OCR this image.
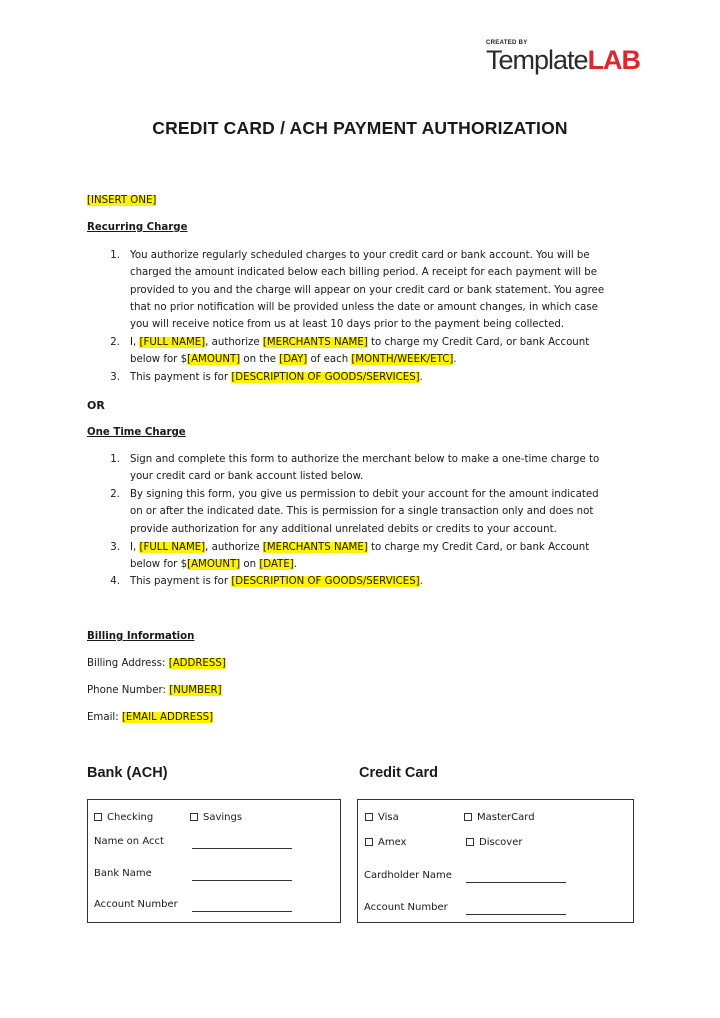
CREATED BY
TemplateLAB
CREDIT CARD / ACH PAYMENT AUTHORIZATION
[INSERT ONE]
Recurring Charge
1. You authorize regularly scheduled charges to your credit card or bank account. You will be
charged the amount indicated below each billing period. A receipt for each payment will be
provided to you and the charge will appear on your credit card or bank statement. You agree
that no prior notification will be provided unless the date or amount changes, in which case
you will receive notice from us at least 10 days prior to the payment being collected.
2. I, [FULL NAME], authorize [MERCHANTS NAME] to charge my Credit Card, or bank Account
below for $[AMOUNT] on the [DAY] of each [MONTH/WEEK/ETC].
3. This payment is for [DESCRIPTION OF GOODS/SERVICES].
OR
One Time Charge
1. Sign and complete this form to authorize the merchant below to make a one-time charge to
your credit card or bank account listed below.
2. By signing this form, you give us permission to debit your account for the amount indicated
on or after the indicated date. This is permission for a single transaction only and does not
provide authorization for any additional unrelated debits or credits to your account.
3. I, [FULL NAME], authorize [MERCHANTS NAME] to charge my Credit Card, or bank Account
below for $[AMOUNT] on [DATE].
4. This payment is for [DESCRIPTION OF GOODS/SERVICES].
Billing Information
Billing Address: [ADDRESS]
Phone Number: [NUMBER]
Email: [EMAIL ADDRESS]
Bank (ACH)
Checking	Savings
Name on Acct
Bank Name
Account Number
Credit Card
Visa	MasterCard
Amex	Discover
Cardholder Name
Account Number
